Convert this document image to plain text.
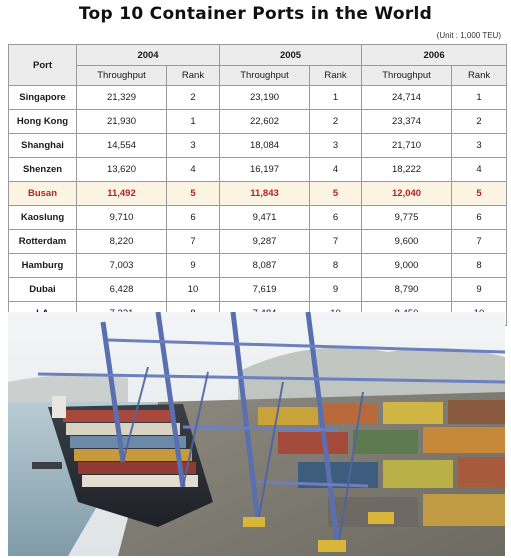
Top 10 Container Ports in the World
(Unit : 1,000 TEU)
Port	2004		2005		2006	
	Throughput	Rank	Throughput	Rank	Throughput	Rank
Singapore	21,329	2	23,190	1	24,714	1
Hong Kong	21,930	1	22,602	2	23,374	2
Shanghai	14,554	3	18,084	3	21,710	3
Shenzen	13,620	4	16,197	4	18,222	4
Busan	11,492	5	11,843	5	12,040	5
Kaoslung	9,710	6	9,471	6	9,775	6
Rotterdam	8,220	7	9,287	7	9,600	7
Hamburg	7,003	9	8,087	8	9,000	8
Dubai	6,428	10	7,619	9	8,790	9
